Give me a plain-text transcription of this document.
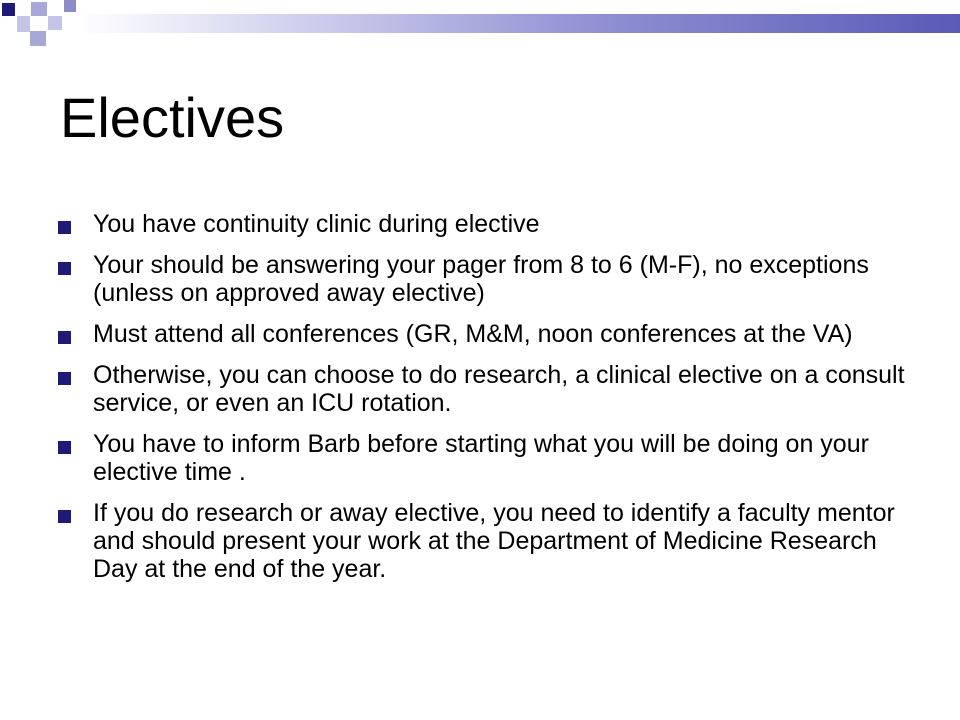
Electives
You have continuity clinic during elective
Your should be answering your pager from 8 to 6 (M-F), no exceptions (unless on approved away elective)
Must attend all conferences (GR, M&M, noon conferences at the VA)
Otherwise, you can choose to do research, a clinical elective on a consult service, or even an ICU rotation.
You have to inform Barb before starting what you will be doing on your elective time .
If you do research or away elective, you need to identify a faculty mentor and should present your work at the Department of Medicine Research Day at the end of the year.
